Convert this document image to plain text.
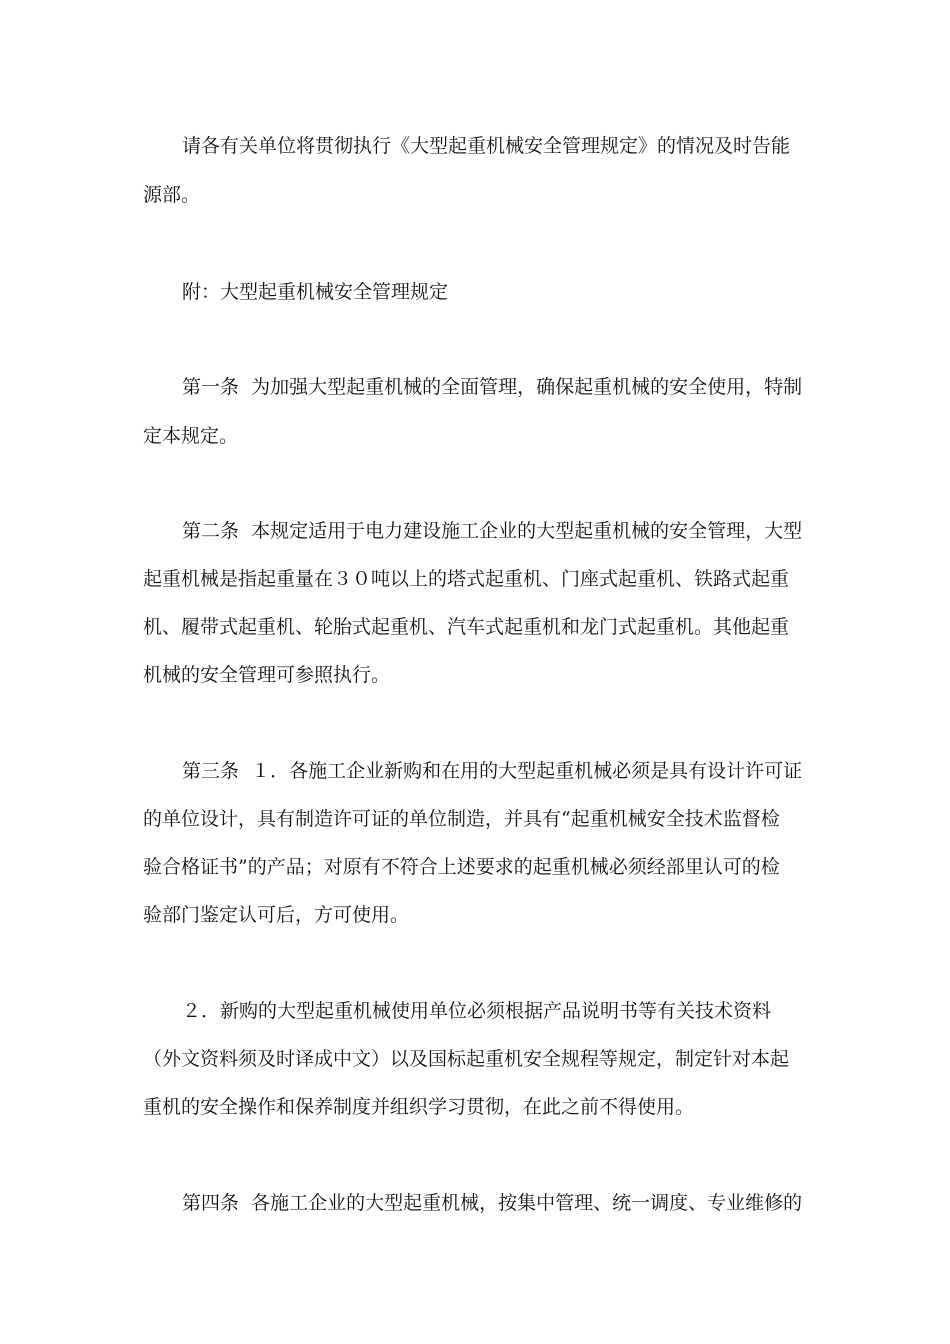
请各有关单位将贯彻执行《大型起重机械安全管理规定》的情况及时告能
源部。
附：大型起重机械安全管理规定
第一条  为加强大型起重机械的全面管理，确保起重机械的安全使用，特制
定本规定。
第二条  本规定适用于电力建设施工企业的大型起重机械的安全管理，大型
起重机械是指起重量在３０吨以上的塔式起重机、门座式起重机、铁路式起重
机、履带式起重机、轮胎式起重机、汽车式起重机和龙门式起重机。其他起重
机械的安全管理可参照执行。
第三条  １．各施工企业新购和在用的大型起重机械必须是具有设计许可证
的单位设计，具有制造许可证的单位制造，并具有“起重机械安全技术监督检
验合格证书”的产品；对原有不符合上述要求的起重机械必须经部里认可的检
验部门鉴定认可后，方可使用。
２．新购的大型起重机械使用单位必须根据产品说明书等有关技术资料
（外文资料须及时译成中文）以及国标起重机安全规程等规定，制定针对本起
重机的安全操作和保养制度并组织学习贯彻，在此之前不得使用。
第四条  各施工企业的大型起重机械，按集中管理、统一调度、专业维修的
